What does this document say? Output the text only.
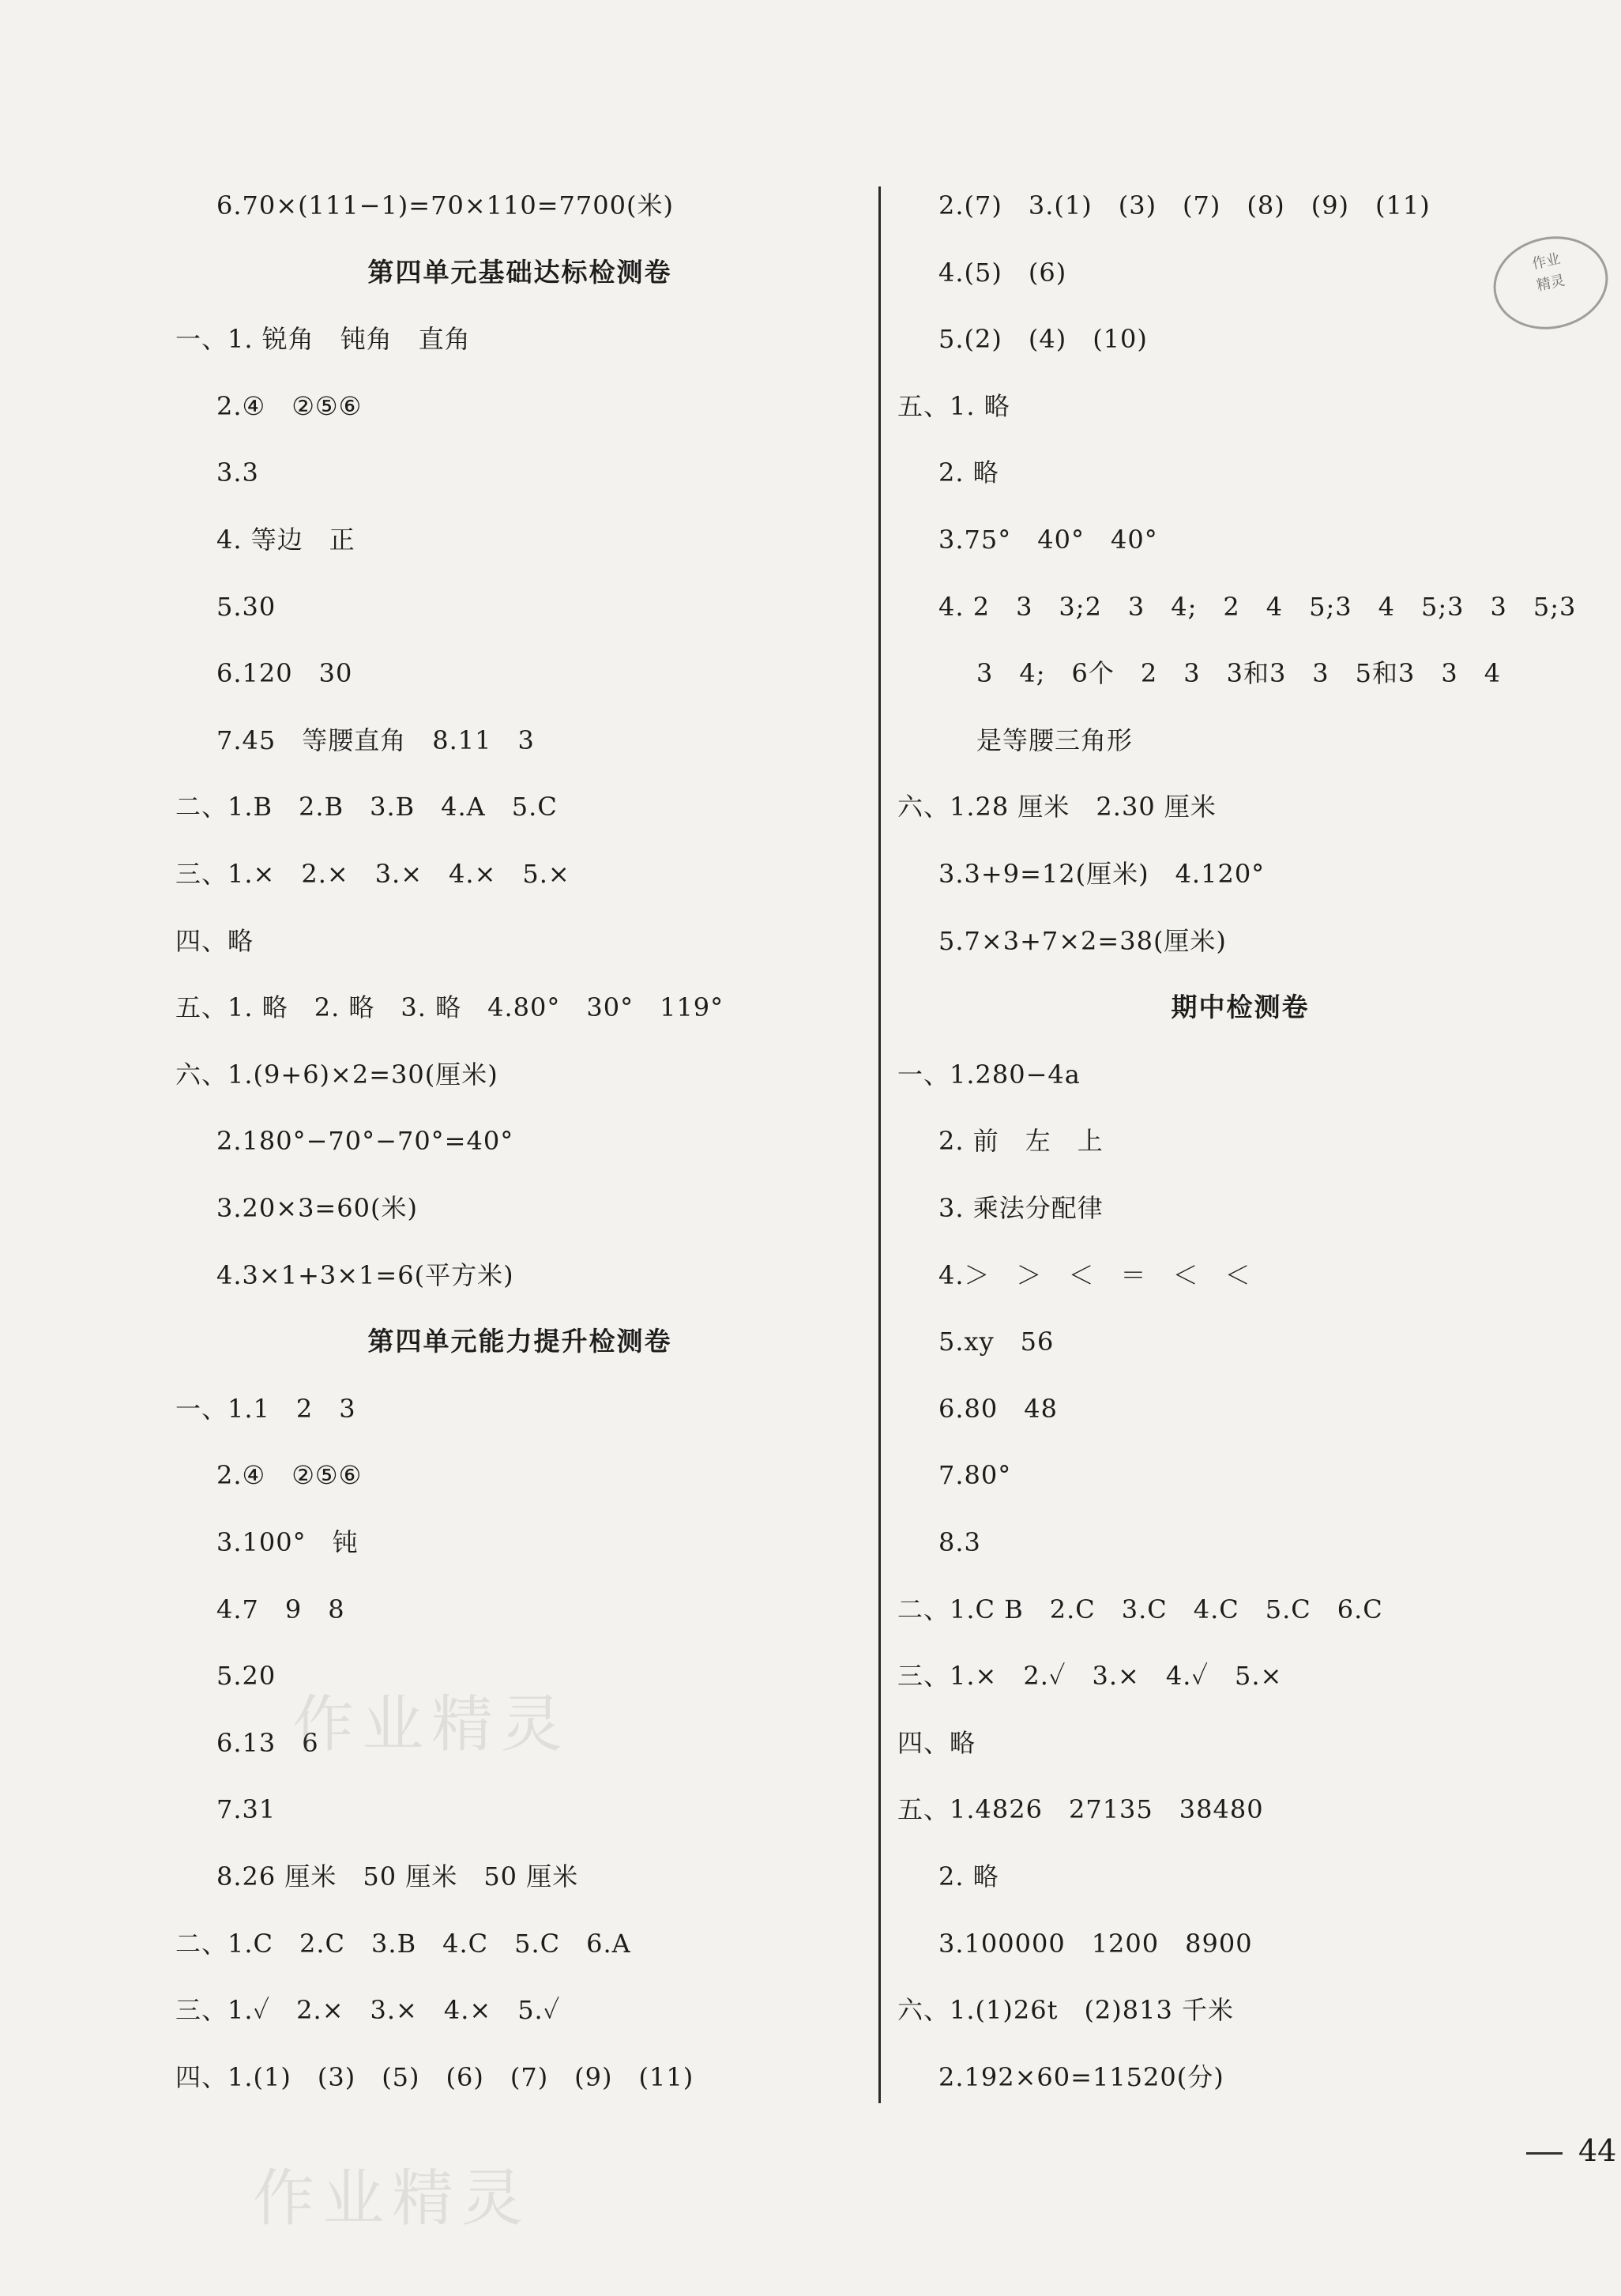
6.70×(111−1)=70×110=7700(米)
第四单元基础达标检测卷
一、1. 锐角　钝角　直角
2.④　②⑤⑥
3.3
4. 等边　正
5.30
6.120　30
7.45　等腰直角　8.11　3
二、1.B　2.B　3.B　4.A　5.C
三、1.×　2.×　3.×　4.×　5.×
四、略
五、1. 略　2. 略　3. 略　4.80°　30°　119°
六、1.(9+6)×2=30(厘米)
2.180°−70°−70°=40°
3.20×3=60(米)
4.3×1+3×1=6(平方米)
第四单元能力提升检测卷
一、1.1　2　3
2.④　②⑤⑥
3.100°　钝
4.7　9　8
5.20
6.13　6
7.31
8.26 厘米　50 厘米　50 厘米
二、1.C　2.C　3.B　4.C　5.C　6.A
三、1.✓　2.×　3.×　4.×　5.✓
四、1.(1)　(3)　(5)　(6)　(7)　(9)　(11)
2.(7)　3.(1)　(3)　(7)　(8)　(9)　(11)
4.(5)　(6)
5.(2)　(4)　(10)
五、1. 略
2. 略
3.75°　40°　40°
4. 2　3　3;2　3　4;　2　4　5;3　4　5;3　3　5;3
3　4;　6个　2　3　3和3　3　5和3　3　4
是等腰三角形
六、1.28 厘米　2.30 厘米
3.3+9=12(厘米)　4.120°
5.7×3+7×2=38(厘米)
期中检测卷
一、1.280−4a
2. 前　左　上
3. 乘法分配律
4.＞　＞　＜　＝　＜　＜
5.xy　56
6.80　48
7.80°
8.3
二、1.C B　2.C　3.C　4.C　5.C　6.C
三、1.×　2.✓　3.×　4.✓　5.×
四、略
五、1.4826　27135　38480
2. 略
3.100000　1200　8900
六、1.(1)26t　(2)813 千米
2.192×60=11520(分)
作业精灵
作业精灵
作业
精灵
44
